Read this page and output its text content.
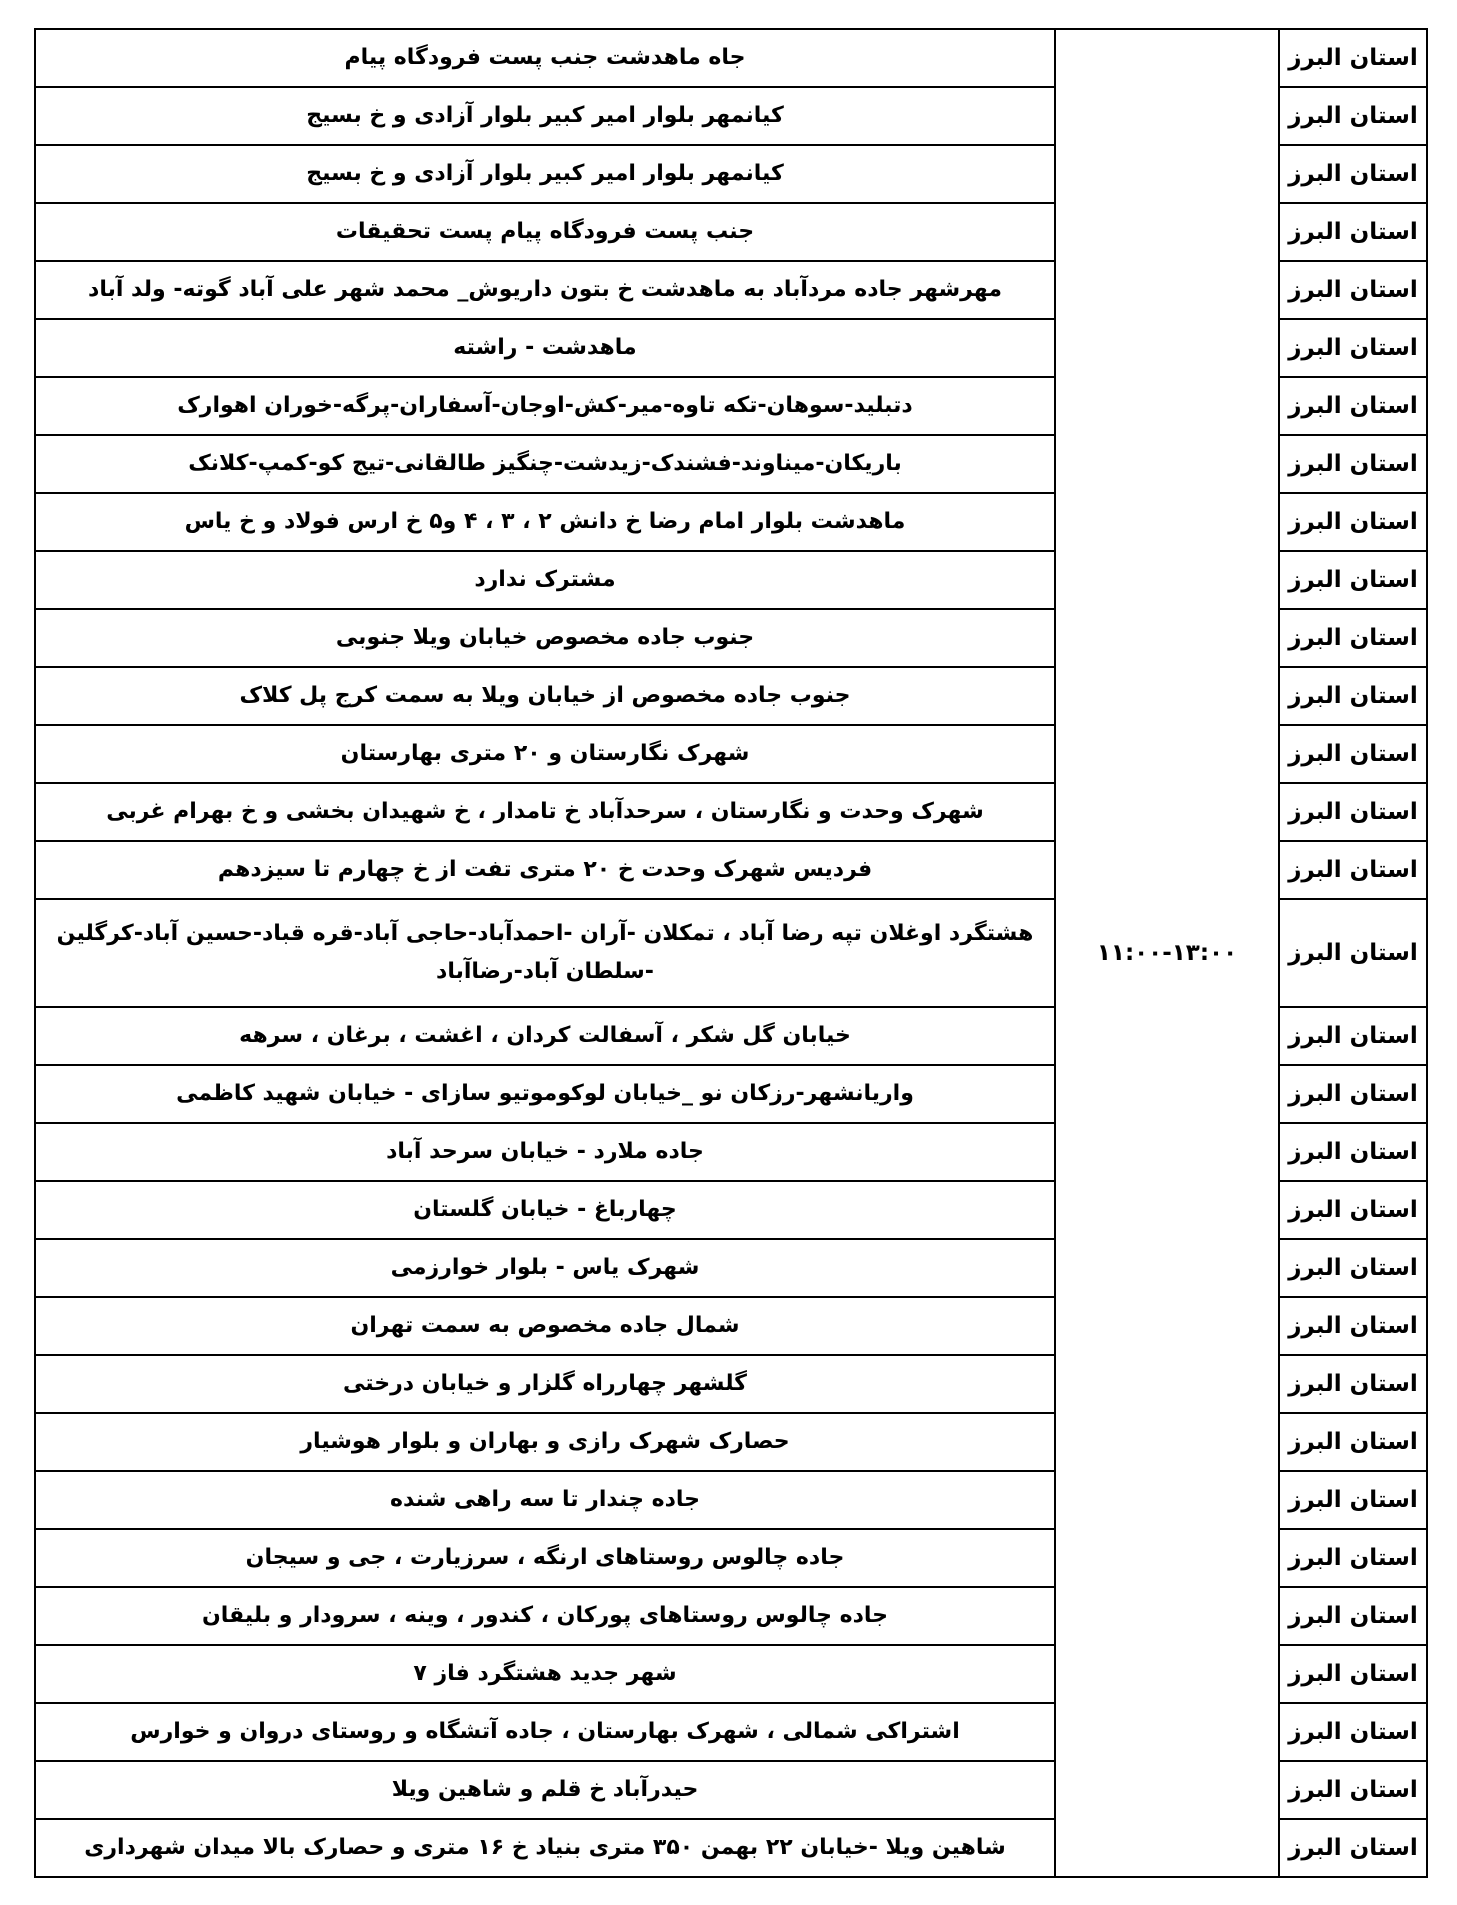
استان البرز	۱۱:۰۰-۱۳:۰۰	جاه ماهدشت جنب پست فرودگاه پیام
استان البرز		کیانمهر بلوار امیر کبیر بلوار آزادی و خ بسیج
استان البرز		کیانمهر بلوار امیر کبیر بلوار آزادی و خ بسیج
استان البرز		جنب پست فرودگاه پیام پست تحقیقات
استان البرز		مهرشهر جاده مردآباد به ماهدشت خ بتون داریوش_ محمد شهر علی آباد گوته- ولد آباد
استان البرز		ماهدشت - راشته
استان البرز		دتبلید-سوهان-تکه تاوه-میر-کش-اوجان-آسفاران-پرگه-خوران اهوارک
استان البرز		باریکان-میناوند-فشندک-زیدشت-چنگیز طالقانی-تیج کو-کمپ-کلانک
استان البرز		ماهدشت بلوار امام رضا خ دانش ۲ ، ۳ ، ۴ و۵ خ ارس فولاد و خ یاس
استان البرز		مشترک ندارد
استان البرز		جنوب جاده مخصوص خیابان ویلا جنوبی
استان البرز		جنوب جاده مخصوص از خیابان ویلا به سمت کرج پل کلاک
استان البرز		شهرک نگارستان و ۲۰ متری بهارستان
استان البرز		شهرک وحدت و نگارستان ، سرحدآباد خ تامدار ، خ شهیدان بخشی و خ بهرام غربی
استان البرز		فردیس شهرک وحدت خ ۲۰ متری تفت از خ چهارم تا سیزدهم
استان البرز		هشتگرد اوغلان تپه رضا آباد ، تمکلان -آران -احمدآباد-حاجی آباد-قره قباد-حسین آباد-کرگلین -سلطان آباد-رضاآباد
استان البرز		خیابان گل شکر ، آسفالت کردان ، اغشت ، برغان ، سرهه
استان البرز		واریانشهر-رزکان نو _خیابان لوکوموتیو سازای - خیابان شهید کاظمی
استان البرز		جاده ملارد - خیابان سرحد آباد
استان البرز		چهارباغ - خیابان گلستان
استان البرز		شهرک یاس - بلوار خوارزمی
استان البرز		شمال جاده مخصوص به سمت تهران
استان البرز		گلشهر چهارراه گلزار و خیابان درختی
استان البرز		حصارک شهرک رازی و بهاران و بلوار هوشیار
استان البرز		جاده چندار تا سه راهی شنده
استان البرز		جاده چالوس روستاهای ارنگه ، سرزیارت ، جی و سیجان
استان البرز		جاده چالوس روستاهای پورکان ، کندور ، وینه ، سرودار و بلیقان
استان البرز		شهر جدید هشتگرد فاز ۷
استان البرز		اشتراکی شمالی ، شهرک بهارستان ، جاده آتشگاه و روستای دروان و خوارس
استان البرز		حیدرآباد خ قلم و شاهین ویلا
استان البرز		شاهین ویلا -خیابان ۲۲ بهمن ۳۵۰ متری بنیاد خ ۱۶ متری و حصارک بالا میدان شهرداری
